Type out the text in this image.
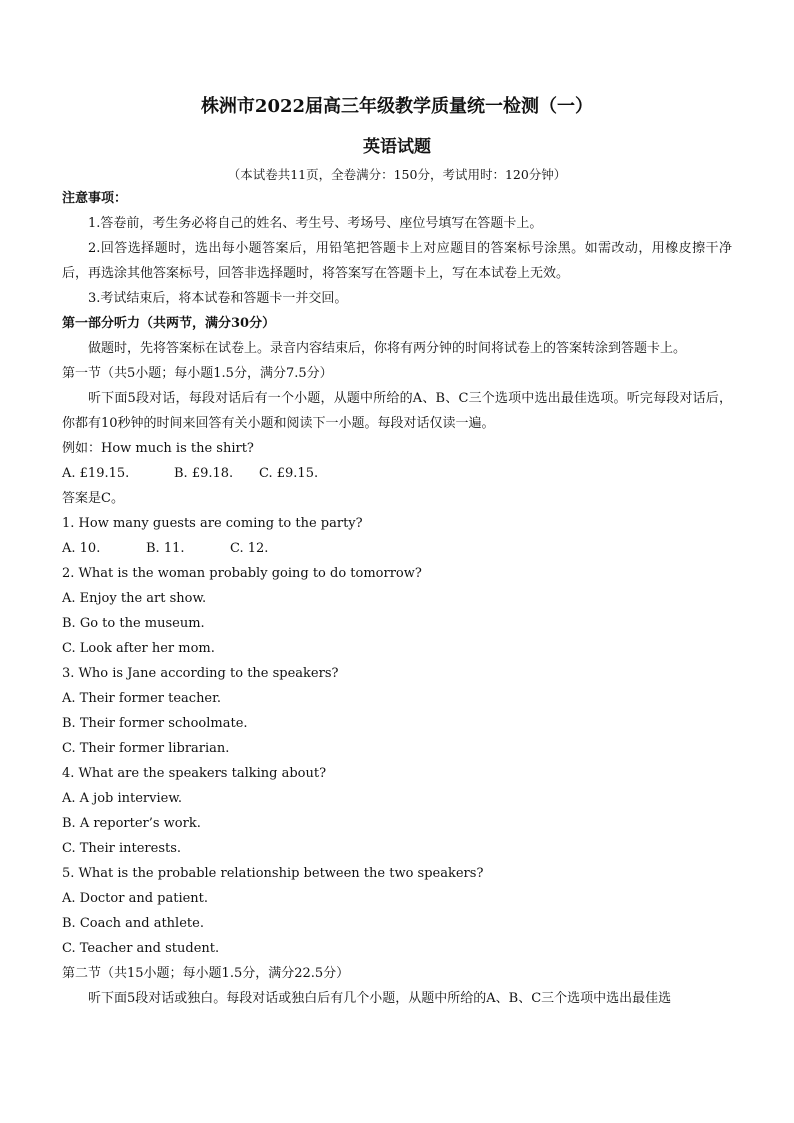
株洲市2022届高三年级教学质量统一检测（一）
英语试题
（本试卷共11页，全卷满分：150分，考试用时：120分钟）
注意事项：
1.答卷前，考生务必将自己的姓名、考生号、考场号、座位号填写在答题卡上。
2.回答选择题时，选出每小题答案后，用铅笔把答题卡上对应题目的答案标号涂黑。如需改动，用橡皮擦干净后，再选涂其他答案标号，回答非选择题时，将答案写在答题卡上，写在本试卷上无效。
3.考试结束后，将本试卷和答题卡一并交回。
第一部分听力（共两节，满分30分）
做题时，先将答案标在试卷上。录音内容结束后，你将有两分钟的时间将试卷上的答案转涂到答题卡上。
第一节（共5小题；每小题1.5分，满分7.5分）
听下面5段对话，每段对话后有一个小题，从题中所给的A、B、C三个选项中选出最佳选项。听完每段对话后，你都有10秒钟的时间来回答有关小题和阅读下一小题。每段对话仅读一遍。
例如：How much is the shirt?
A. £19.15.	B. £9.18. C. £9.15.
答案是C。
1. How many guests are coming to the party?
A. 10.	B. 11.	C. 12.
2. What is the woman probably going to do tomorrow?
A. Enjoy the art show.
B. Go to the museum.
C. Look after her mom.
3. Who is Jane according to the speakers?
A. Their former teacher.
B. Their former schoolmate.
C. Their former librarian.
4. What are the speakers talking about?
A. A job interview.
B. A reporter’s work.
C. Their interests.
5. What is the probable relationship between the two speakers?
A. Doctor and patient.
B. Coach and athlete.
C. Teacher and student.
第二节（共15小题；每小题1.5分，满分22.5分）
听下面5段对话或独白。每段对话或独白后有几个小题，从题中所给的A、B、C三个选项中选出最佳选
